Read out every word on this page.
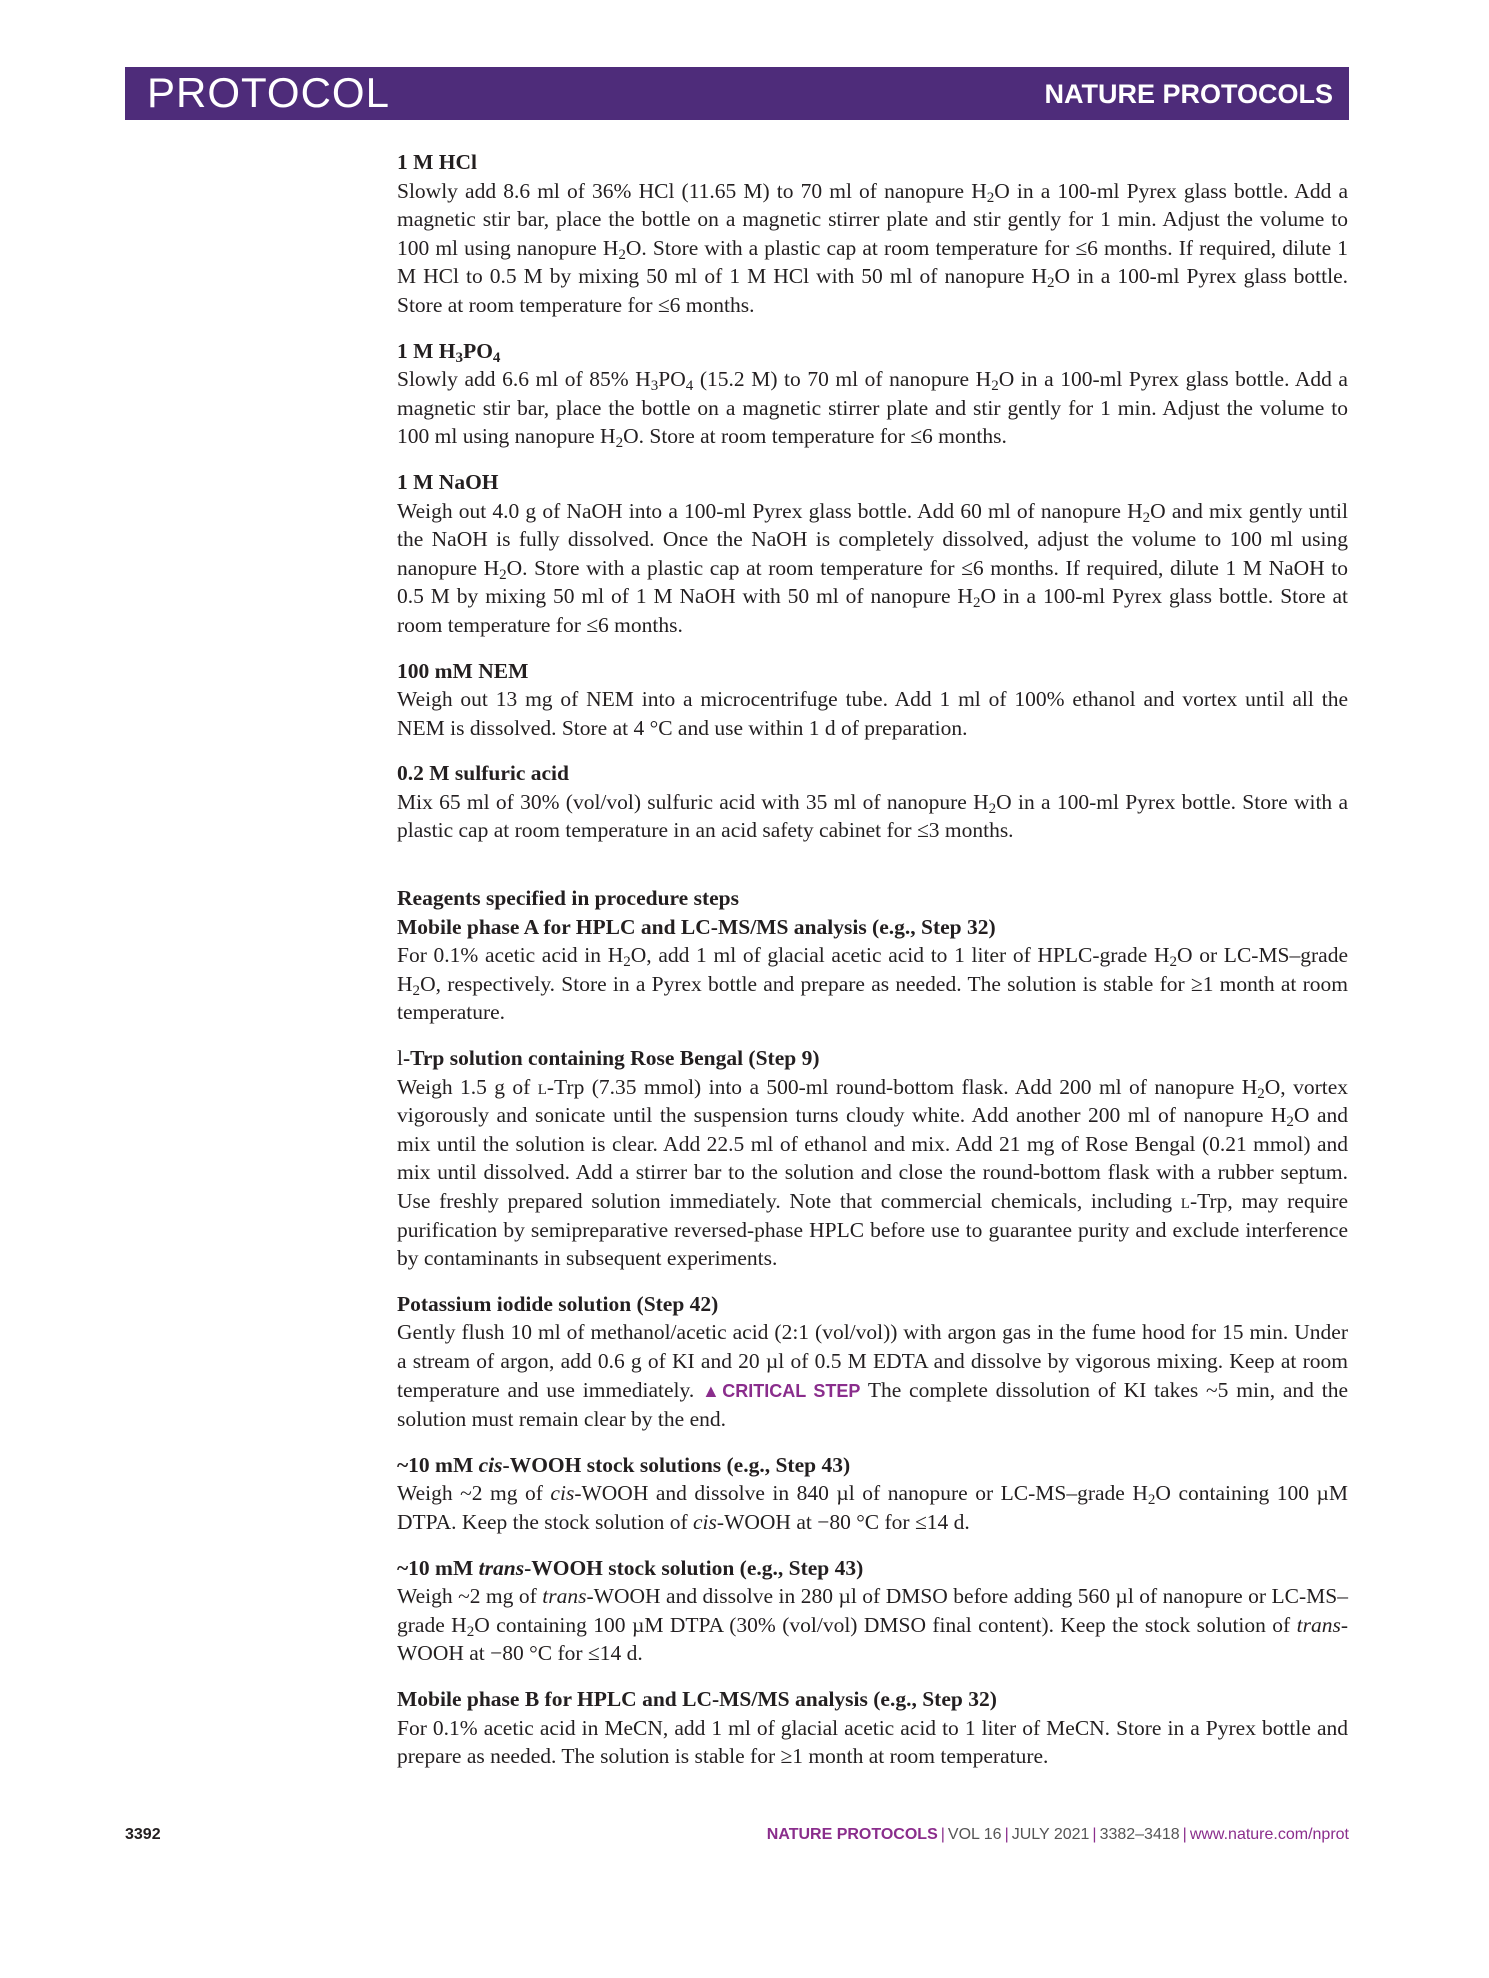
PROTOCOL	NATURE PROTOCOLS
1 M HCl
Slowly add 8.6 ml of 36% HCl (11.65 M) to 70 ml of nanopure $H_2O$ in a 100-ml Pyrex glass bottle. Add a magnetic stir bar, place the bottle on a magnetic stirrer plate and stir gently for 1 min. Adjust the volume to 100 ml using nanopure $H_2O$. Store with a plastic cap at room temperature for ≤6 months. If required, dilute 1 M HCl to 0.5 M by mixing 50 ml of 1 M HCl with 50 ml of nanopure $H_2O$ in a 100-ml Pyrex glass bottle. Store at room temperature for ≤6 months.
1 M $H_3PO_4$
Slowly add 6.6 ml of 85% $H_3PO_4$ (15.2 M) to 70 ml of nanopure $H_2O$ in a 100-ml Pyrex glass bottle. Add a magnetic stir bar, place the bottle on a magnetic stirrer plate and stir gently for 1 min. Adjust the volume to 100 ml using nanopure $H_2O$. Store at room temperature for ≤6 months.
1 M NaOH
Weigh out 4.0 g of NaOH into a 100-ml Pyrex glass bottle. Add 60 ml of nanopure $H_2O$ and mix gently until the NaOH is fully dissolved. Once the NaOH is completely dissolved, adjust the volume to 100 ml using nanopure $H_2O$. Store with a plastic cap at room temperature for ≤6 months. If required, dilute 1 M NaOH to 0.5 M by mixing 50 ml of 1 M NaOH with 50 ml of nanopure $H_2O$ in a 100-ml Pyrex glass bottle. Store at room temperature for ≤6 months.
100 mM NEM
Weigh out 13 mg of NEM into a microcentrifuge tube. Add 1 ml of 100% ethanol and vortex until all the NEM is dissolved. Store at 4 °C and use within 1 d of preparation.
0.2 M sulfuric acid
Mix 65 ml of 30% (vol/vol) sulfuric acid with 35 ml of nanopure $H_2O$ in a 100-ml Pyrex bottle. Store with a plastic cap at room temperature in an acid safety cabinet for ≤3 months.
Reagents specified in procedure steps
Mobile phase A for HPLC and LC-MS/MS analysis (e.g., Step 32)
For 0.1% acetic acid in $H_2O$, add 1 ml of glacial acetic acid to 1 liter of HPLC-grade $H_2O$ or LC-MS–grade $H_2O$, respectively. Store in a Pyrex bottle and prepare as needed. The solution is stable for ≥1 month at room temperature.
l-Trp solution containing Rose Bengal (Step 9)
Weigh 1.5 g of l-Trp (7.35 mmol) into a 500-ml round-bottom flask. Add 200 ml of nanopure $H_2O$, vortex vigorously and sonicate until the suspension turns cloudy white. Add another 200 ml of nanopure $H_2O$ and mix until the solution is clear. Add 22.5 ml of ethanol and mix. Add 21 mg of Rose Bengal (0.21 mmol) and mix until dissolved. Add a stirrer bar to the solution and close the round-bottom flask with a rubber septum. Use freshly prepared solution immediately. Note that commercial chemicals, including l-Trp, may require purification by semipreparative reversed-phase HPLC before use to guarantee purity and exclude interference by contaminants in subsequent experiments.
Potassium iodide solution (Step 42)
Gently flush 10 ml of methanol/acetic acid (2:1 (vol/vol)) with argon gas in the fume hood for 15 min. Under a stream of argon, add 0.6 g of KI and 20 µl of 0.5 M EDTA and dissolve by vigorous mixing. Keep at room temperature and use immediately. ▲CRITICAL STEP The complete dissolution of KI takes ~5 min, and the solution must remain clear by the end.
~10 mM cis-WOOH stock solutions (e.g., Step 43)
Weigh ~2 mg of cis-WOOH and dissolve in 840 µl of nanopure or LC-MS–grade $H_2O$ containing 100 µM DTPA. Keep the stock solution of cis-WOOH at −80 °C for ≤14 d.
~10 mM trans-WOOH stock solution (e.g., Step 43)
Weigh ~2 mg of trans-WOOH and dissolve in 280 µl of DMSO before adding 560 µl of nanopure or LC-MS–grade $H_2O$ containing 100 µM DTPA (30% (vol/vol) DMSO final content). Keep the stock solution of trans-WOOH at −80 °C for ≤14 d.
Mobile phase B for HPLC and LC-MS/MS analysis (e.g., Step 32)
For 0.1% acetic acid in MeCN, add 1 ml of glacial acetic acid to 1 liter of MeCN. Store in a Pyrex bottle and prepare as needed. The solution is stable for ≥1 month at room temperature.
3392	NATURE PROTOCOLS | VOL 16 | JULY 2021 | 3382–3418 | www.nature.com/nprot
